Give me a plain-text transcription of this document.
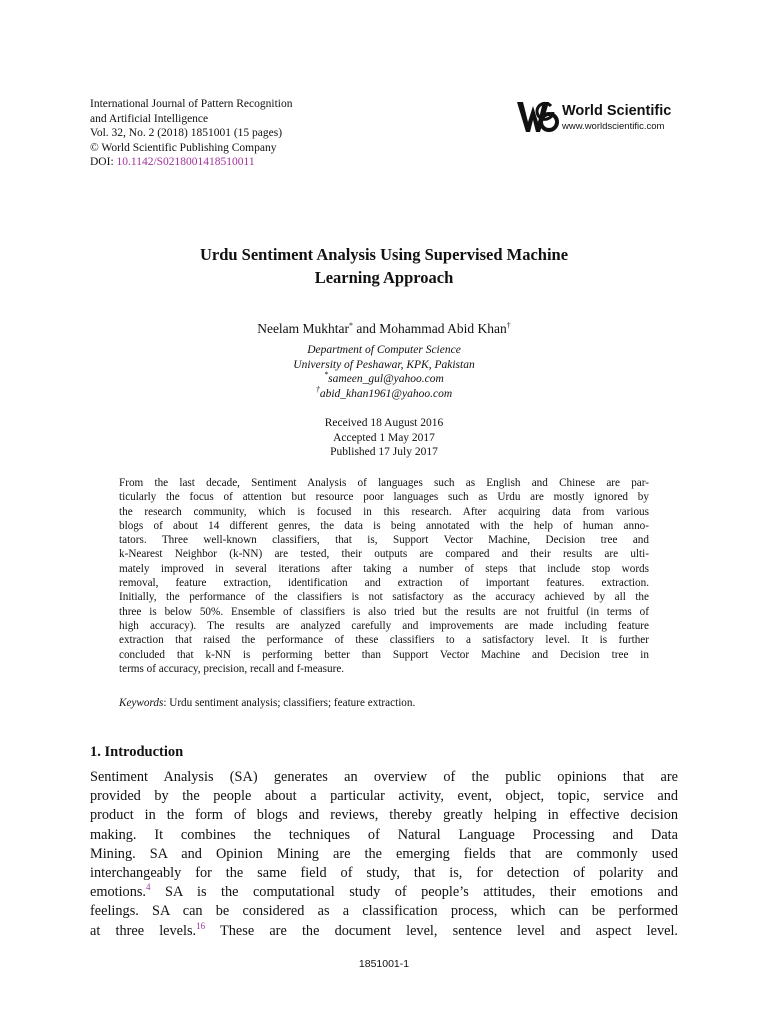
International Journal of Pattern Recognition
and Artificial Intelligence
Vol. 32, No. 2 (2018) 1851001 (15 pages)
© World Scientific Publishing Company
DOI: 10.1142/S0218001418510011
World Scientific
www.worldscientific.com
Urdu Sentiment Analysis Using Supervised Machine
Learning Approach
Neelam Mukhtar* and Mohammad Abid Khan†
Department of Computer Science
University of Peshawar, KPK, Pakistan
*sameen_gul@yahoo.com
†abid_khan1961@yahoo.com
Received 18 August 2016
Accepted 1 May 2017
Published 17 July 2017
From the last decade, Sentiment Analysis of languages such as English and Chinese are par-
ticularly the focus of attention but resource poor languages such as Urdu are mostly ignored by
the research community, which is focused in this research. After acquiring data from various
blogs of about 14 different genres, the data is being annotated with the help of human anno-
tators. Three well-known classifiers, that is, Support Vector Machine, Decision tree and
k-Nearest Neighbor (k-NN) are tested, their outputs are compared and their results are ulti-
mately improved in several iterations after taking a number of steps that include stop words
removal, feature extraction, identification and extraction of important features. extraction.
Initially, the performance of the classifiers is not satisfactory as the accuracy achieved by all the
three is below 50%. Ensemble of classifiers is also tried but the results are not fruitful (in terms of
high accuracy). The results are analyzed carefully and improvements are made including feature
extraction that raised the performance of these classifiers to a satisfactory level. It is further
concluded that k-NN is performing better than Support Vector Machine and Decision tree in
terms of accuracy, precision, recall and f-measure.
Keywords: Urdu sentiment analysis; classifiers; feature extraction.
1. Introduction
Sentiment Analysis (SA) generates an overview of the public opinions that are
provided by the people about a particular activity, event, object, topic, service and
product in the form of blogs and reviews, thereby greatly helping in effective decision
making. It combines the techniques of Natural Language Processing and Data
Mining. SA and Opinion Mining are the emerging fields that are commonly used
interchangeably for the same field of study, that is, for detection of polarity and
emotions.$^4$ SA is the computational study of people’s attitudes, their emotions and
feelings. SA can be considered as a classification process, which can be performed
at three levels.$^{16}$ These are the document level, sentence level and aspect level.
1851001-1
